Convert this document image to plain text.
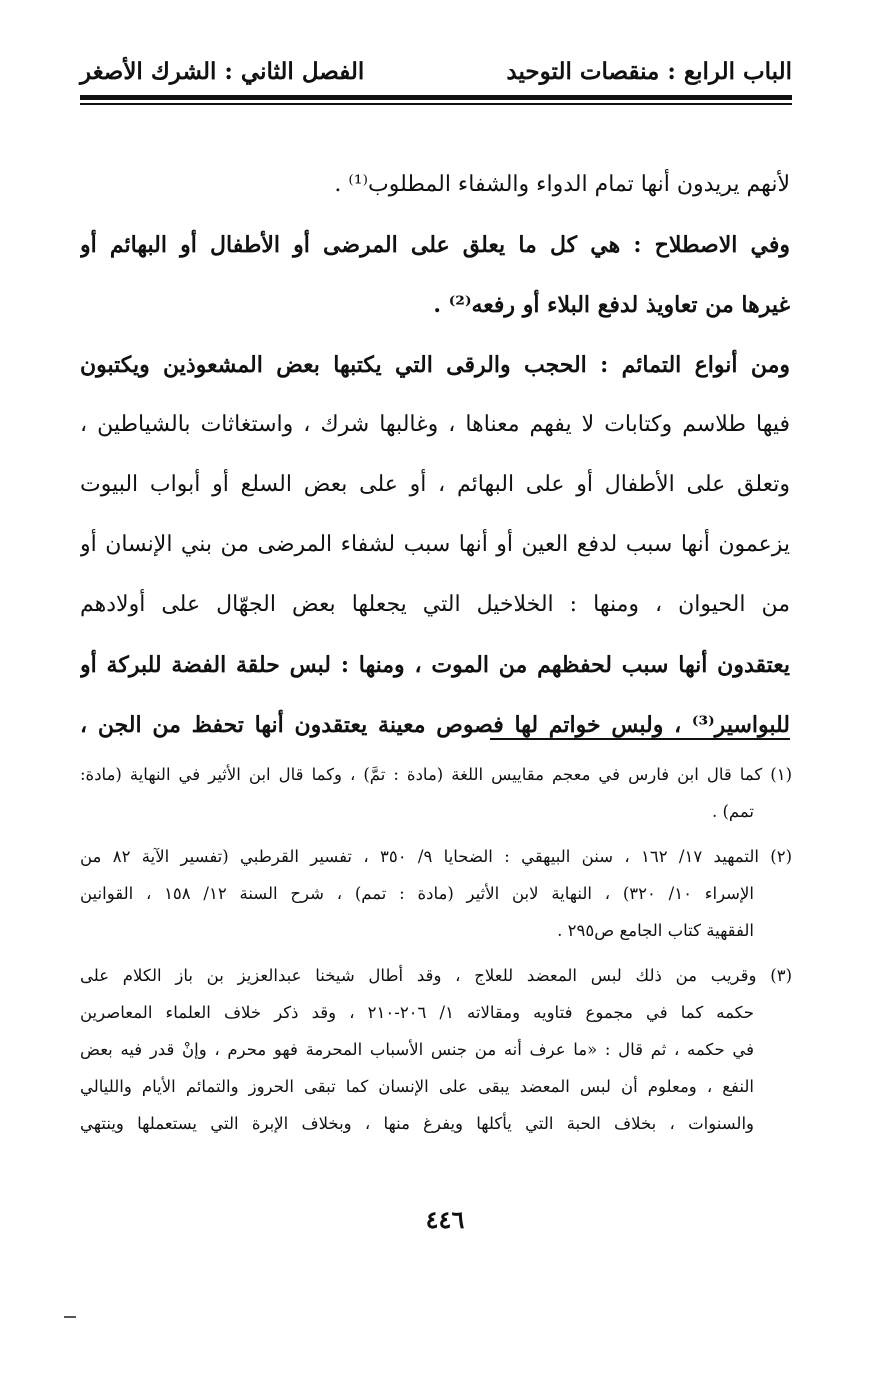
الباب الرابع : منقصات التوحيد
الفصل الثاني : الشرك الأصغر
لأنهم يريدون أنها تمام الدواء والشفاء المطلوب⁽¹⁾ .
وفي الاصطلاح : هي كل ما يعلق على المرضى أو الأطفال أو البهائم أو
غيرها من تعاويذ لدفع البلاء أو رفعه⁽²⁾ .
ومن أنواع التمائم : الحجب والرقى التي يكتبها بعض المشعوذين ويكتبون
فيها طلاسم وكتابات لا يفهم معناها ، وغالبها شرك ، واستغاثات بالشياطين ،
وتعلق على الأطفال أو على البهائم ، أو على بعض السلع أو أبواب البيوت
يزعمون أنها سبب لدفع العين أو أنها سبب لشفاء المرضى من بني الإنسان أو
من الحيوان ، ومنها : الخلاخيل التي يجعلها بعض الجهّال على أولادهم
يعتقدون أنها سبب لحفظهم من الموت ، ومنها : لبس حلقة الفضة للبركة أو
للبواسير⁽³⁾ ، ولبس خواتم لها فصوص معينة يعتقدون أنها تحفظ من الجن ،
(١) كما قال ابن فارس في معجم مقاييس اللغة (مادة : تمَّ) ، وكما قال ابن الأثير في النهاية (مادة:
تمم) .
(٢) التمهيد ١٧/ ١٦٢ ، سنن البيهقي : الضحايا ٩/ ٣٥٠ ، تفسير القرطبي (تفسير الآية ٨٢ من
الإسراء ١٠/ ٣٢٠) ، النهاية لابن الأثير (مادة : تمم) ، شرح السنة ١٢/ ١٥٨ ، القوانين
الفقهية كتاب الجامع ص٢٩٥ .
(٣) وقريب من ذلك لبس المعضد للعلاج ، وقد أطال شيخنا عبدالعزيز بن باز الكلام على
حكمه كما في مجموع فتاويه ومقالاته ١/ ٢٠٦-٢١٠ ، وقد ذكر خلاف العلماء المعاصرين
في حكمه ، ثم قال : «ما عرف أنه من جنس الأسباب المحرمة فهو محرم ، وإنْ قدر فيه بعض
النفع ، ومعلوم أن لبس المعضد يبقى على الإنسان كما تبقى الحروز والتمائم الأيام والليالي
والسنوات ، بخلاف الحبة التي يأكلها ويفرغ منها ، وبخلاف الإبرة التي يستعملها وينتهي
٤٤٦
